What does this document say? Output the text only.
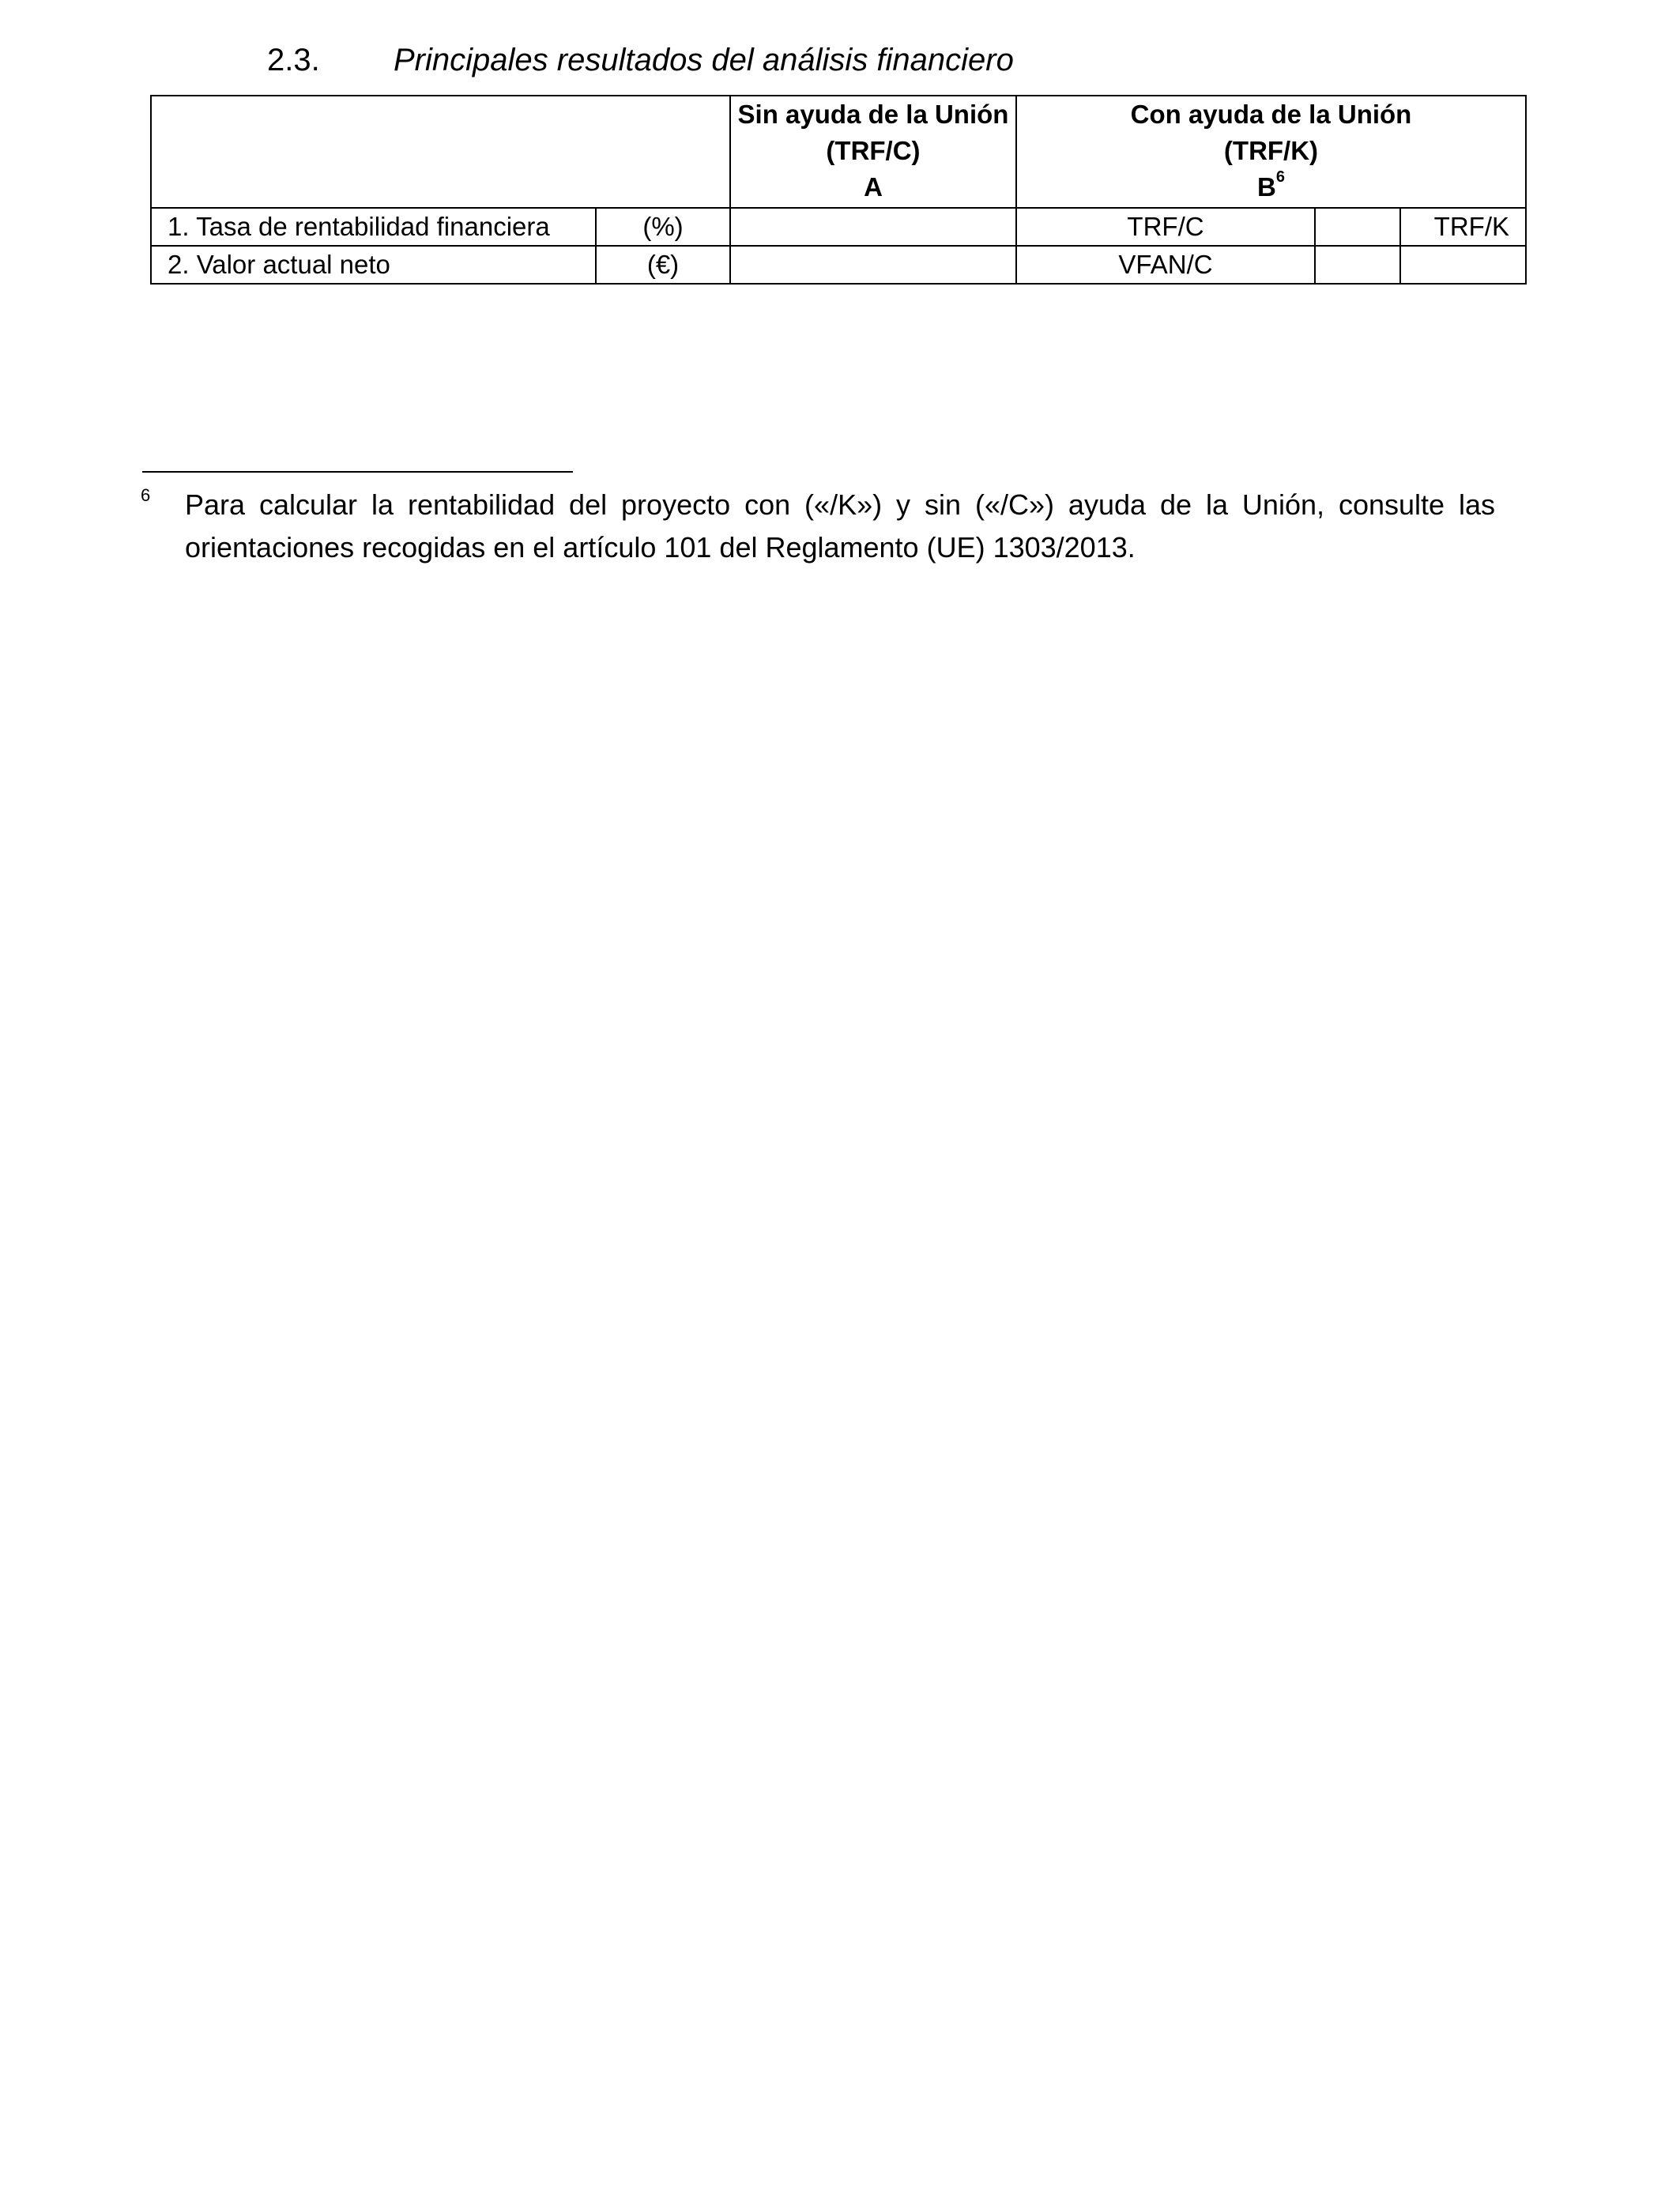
2.3. Principales resultados del análisis financiero

		Sin ayuda de la Unión
(TRF/C)
A	Con ayuda de la Unión
(TRF/K)
B$^6$

1. Tasa de rentabilidad financiera	(%)		TRF/C		TRF/K
2. Valor actual neto	(€)		VFAN/C		
6 Para calcular la rentabilidad del proyecto con («/K») y sin («/C») ayuda de la Unión, consulte las orientaciones recogidas en el artículo 101 del Reglamento (UE) 1303/2013.
